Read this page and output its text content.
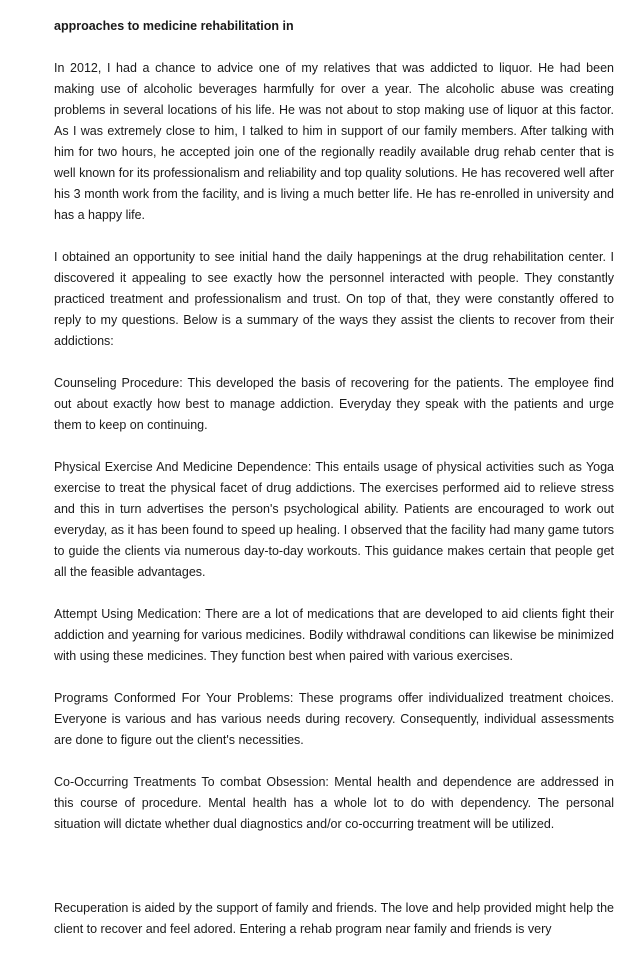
approaches to medicine rehabilitation in

In 2012, I had a chance to advice one of my relatives that was addicted to liquor. He had been making use of alcoholic beverages harmfully for over a year. The alcoholic abuse was creating problems in several locations of his life. He was not about to stop making use of liquor at this factor. As I was extremely close to him, I talked to him in support of our family members. After talking with him for two hours, he accepted join one of the regionally readily available drug rehab center that is well known for its professionalism and reliability and top quality solutions. He has recovered well after his 3 month work from the facility, and is living a much better life. He has re-enrolled in university and has a happy life.

I obtained an opportunity to see initial hand the daily happenings at the drug rehabilitation center. I discovered it appealing to see exactly how the personnel interacted with people. They constantly practiced treatment and professionalism and trust. On top of that, they were constantly offered to reply to my questions. Below is a summary of the ways they assist the clients to recover from their addictions:

Counseling Procedure: This developed the basis of recovering for the patients. The employee find out about exactly how best to manage addiction. Everyday they speak with the patients and urge them to keep on continuing.

Physical Exercise And Medicine Dependence: This entails usage of physical activities such as Yoga exercise to treat the physical facet of drug addictions. The exercises performed aid to relieve stress and this in turn advertises the person's psychological ability. Patients are encouraged to work out everyday, as it has been found to speed up healing. I observed that the facility had many game tutors to guide the clients via numerous day-to-day workouts. This guidance makes certain that people get all the feasible advantages.

Attempt Using Medication: There are a lot of medications that are developed to aid clients fight their addiction and yearning for various medicines. Bodily withdrawal conditions can likewise be minimized with using these medicines. They function best when paired with various exercises.

Programs Conformed For Your Problems: These programs offer individualized treatment choices. Everyone is various and has various needs during recovery. Consequently, individual assessments are done to figure out the client's necessities.

Co-Occurring Treatments To combat Obsession: Mental health and dependence are addressed in this course of procedure. Mental health has a whole lot to do with dependency. The personal situation will dictate whether dual diagnostics and/or co-occurring treatment will be utilized.

Recuperation is aided by the support of family and friends. The love and help provided might help the client to recover and feel adored. Entering a rehab program near family and friends is very
